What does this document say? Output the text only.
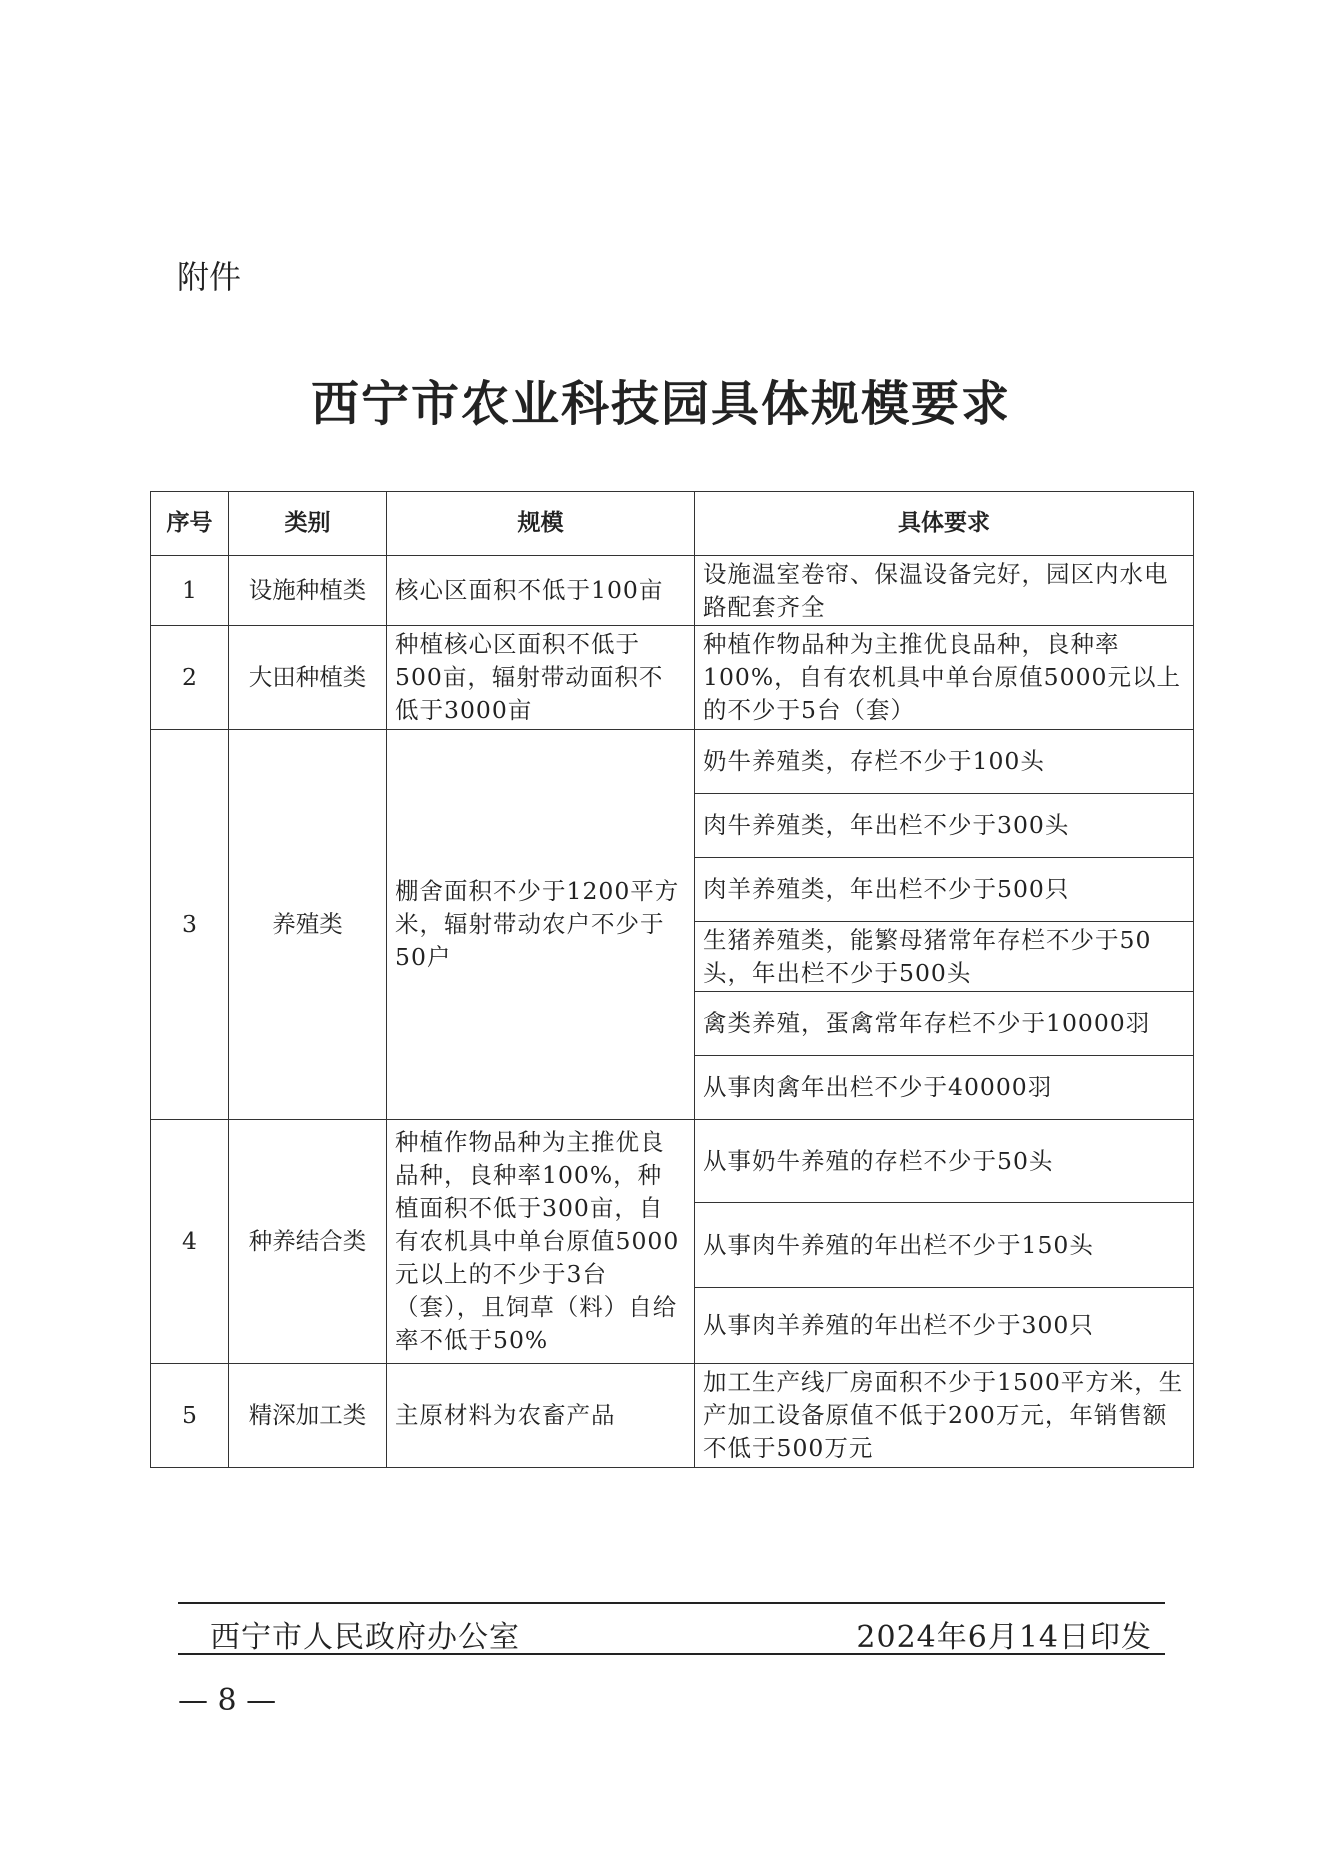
附件
西宁市农业科技园具体规模要求
序号	类别	规模	具体要求
1	设施种植类	核心区面积不低于100亩	设施温室卷帘、保温设备完好，园区内水电路配套齐全
2	大田种植类	种植核心区面积不低于500亩，辐射带动面积不低于3000亩	种植作物品种为主推优良品种，良种率100%，自有农机具中单台原值5000元以上的不少于5台（套）
3	养殖类	棚舍面积不少于1200平方米，辐射带动农户不少于50户	奶牛养殖类，存栏不少于100头
			肉牛养殖类，年出栏不少于300头
			肉羊养殖类，年出栏不少于500只
			生猪养殖类，能繁母猪常年存栏不少于50头，年出栏不少于500头
			禽类养殖，蛋禽常年存栏不少于10000羽
			从事肉禽年出栏不少于40000羽
4	种养结合类	种植作物品种为主推优良品种，良种率100%，种植面积不低于300亩，自有农机具中单台原值5000元以上的不少于3台（套），且饲草（料）自给率不低于50%	从事奶牛养殖的存栏不少于50头
			从事肉牛养殖的年出栏不少于150头
			从事肉羊养殖的年出栏不少于300只
5	精深加工类	主原材料为农畜产品	加工生产线厂房面积不少于1500平方米，生产加工设备原值不低于200万元，年销售额不低于500万元
西宁市人民政府办公室	2024年6月14日印发
— 8 —
